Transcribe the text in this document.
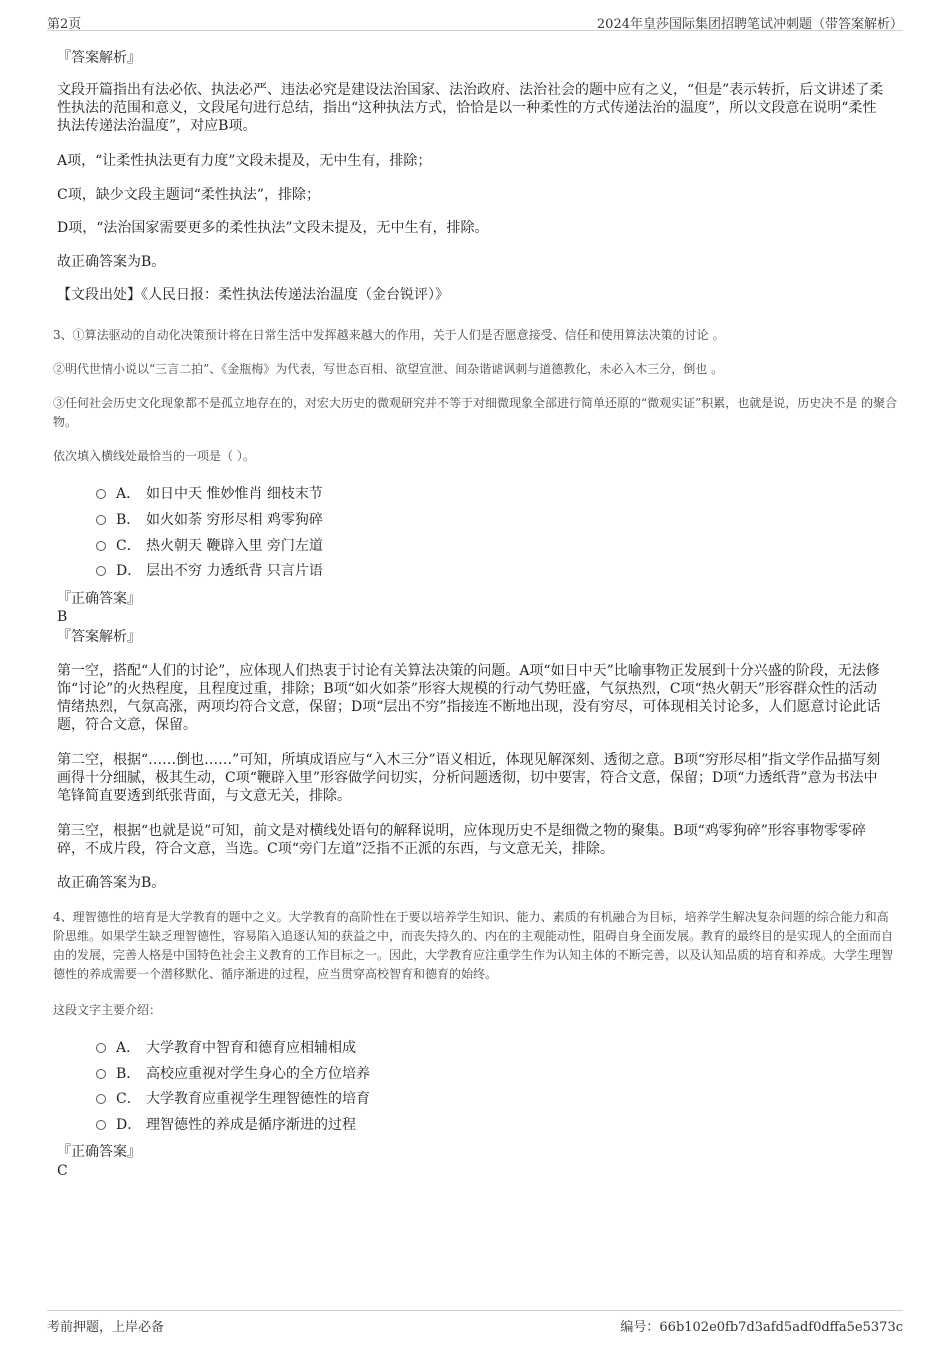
第2页	2024年皇莎国际集团招聘笔试冲刺题（带答案解析）
『答案解析』

文段开篇指出有法必依、执法必严、违法必究是建设法治国家、法治政府、法治社会的题中应有之义，“但是”表示转折，后文讲述了柔性执法的范围和意义，文段尾句进行总结，指出“这种执法方式，恰恰是以一种柔性的方式传递法治的温度”，所以文段意在说明“柔性执法传递法治温度”，对应B项。

A项，“让柔性执法更有力度”文段未提及，无中生有，排除；

C项，缺少文段主题词“柔性执法”，排除；

D项，“法治国家需要更多的柔性执法”文段未提及，无中生有，排除。

故正确答案为B。

【文段出处】《人民日报：柔性执法传递法治温度（金台锐评）》

3、①算法驱动的自动化决策预计将在日常生活中发挥越来越大的作用，关于人们是否愿意接受、信任和使用算法决策的讨论 。

②明代世情小说以“三言二拍”、《金瓶梅》为代表，写世态百相、欲望宣泄、间杂谐谑讽刺与道德教化，未必入木三分，倒也 。

③任何社会历史文化现象都不是孤立地存在的，对宏大历史的微观研究并不等于对细微现象全部进行简单还原的“微观实证”积累，也就是说，历史决不是 的聚合物。

依次填入横线处最恰当的一项是（ ）。

A． 如日中天 惟妙惟肖 细枝末节
B． 如火如荼 穷形尽相 鸡零狗碎
C． 热火朝天 鞭辟入里 旁门左道
D． 层出不穷 力透纸背 只言片语
『正确答案』
B
『答案解析』

第一空，搭配“人们的讨论”，应体现人们热衷于讨论有关算法决策的问题。A项“如日中天”比喻事物正发展到十分兴盛的阶段，无法修饰“讨论”的火热程度，且程度过重，排除；B项“如火如荼”形容大规模的行动气势旺盛，气氛热烈，C项“热火朝天”形容群众性的活动情绪热烈，气氛高涨，两项均符合文意，保留；D项“层出不穷”指接连不断地出现，没有穷尽，可体现相关讨论多，人们愿意讨论此话题，符合文意，保留。

第二空，根据“……倒也……”可知，所填成语应与“入木三分”语义相近，体现见解深刻、透彻之意。B项“穷形尽相”指文学作品描写刻画得十分细腻，极其生动，C项“鞭辟入里”形容做学问切实，分析问题透彻，切中要害，符合文意，保留；D项“力透纸背”意为书法中笔锋简直要透到纸张背面，与文意无关，排除。

第三空，根据“也就是说”可知，前文是对横线处语句的解释说明，应体现历史不是细微之物的聚集。B项“鸡零狗碎”形容事物零零碎碎，不成片段，符合文意，当选。C项“旁门左道”泛指不正派的东西，与文意无关，排除。

故正确答案为B。

4、理智德性的培育是大学教育的题中之义。大学教育的高阶性在于要以培养学生知识、能力、素质的有机融合为目标，培养学生解决复杂问题的综合能力和高阶思维。如果学生缺乏理智德性，容易陷入追逐认知的获益之中，而丧失持久的、内在的主观能动性，阻碍自身全面发展。教育的最终目的是实现人的全面而自由的发展，完善人格是中国特色社会主义教育的工作目标之一。因此，大学教育应注重学生作为认知主体的不断完善，以及认知品质的培育和养成。大学生理智德性的养成需要一个潜移默化、循序渐进的过程，应当贯穿高校智育和德育的始终。

这段文字主要介绍：

A． 大学教育中智育和德育应相辅相成
B． 高校应重视对学生身心的全方位培养
C． 大学教育应重视学生理智德性的培育
D． 理智德性的养成是循序渐进的过程
『正确答案』
C
考前押题，上岸必备	编号：66b102e0fb7d3afd5adf0dffa5e5373c
